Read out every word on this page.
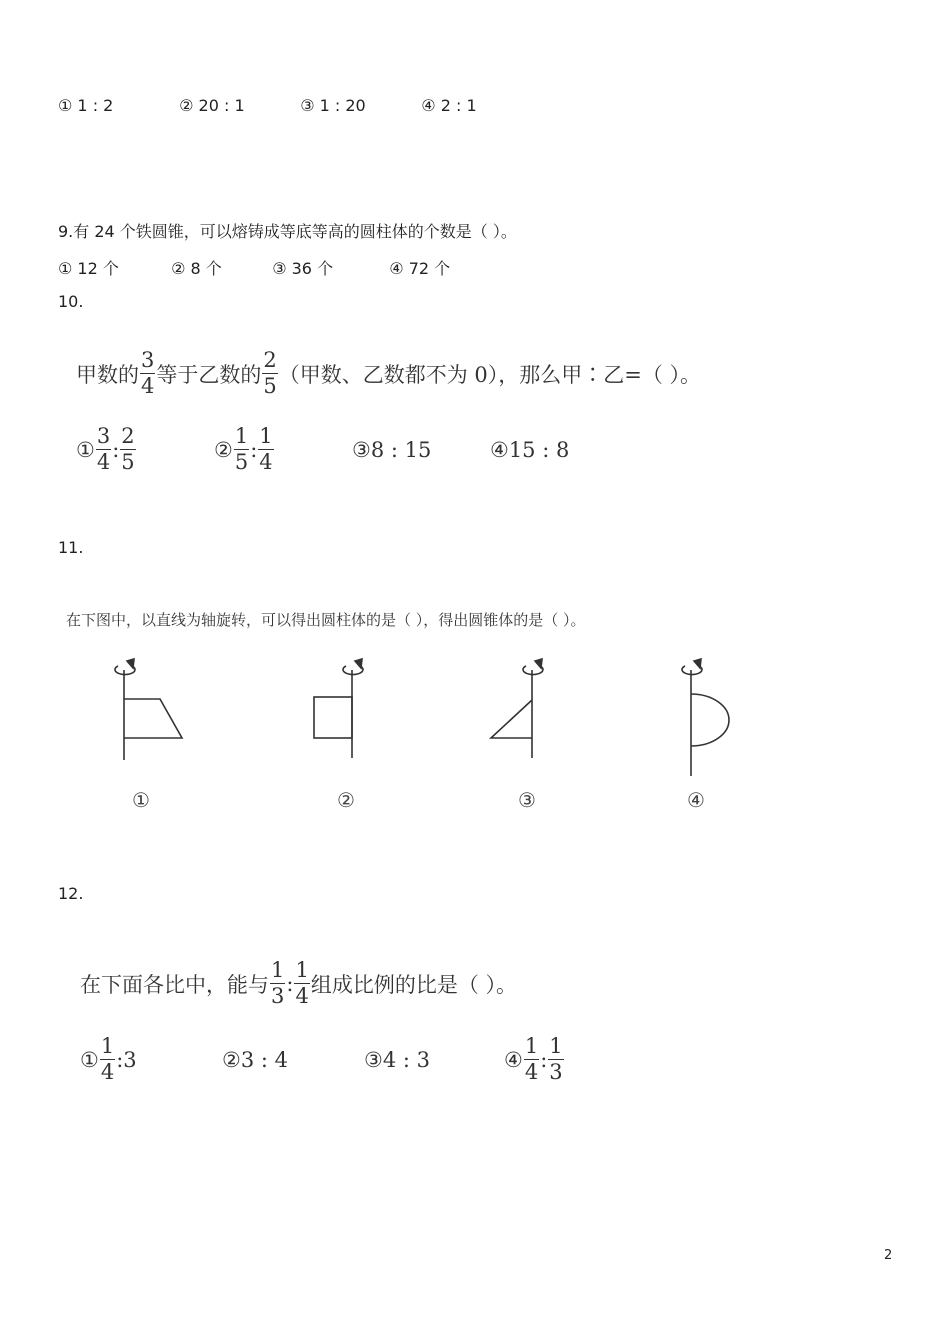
① 1 : 2	② 20 : 1	③ 1 : 20	④ 2 : 1
9.有 24 个铁圆锥，可以熔铸成等底等高的圆柱体的个数是（ ）。
① 12 个	② 8 个	③ 36 个	④ 72 个
10.
甲数的 $\frac{3}{4}$ 等于乙数的 $\frac{2}{5}$ （甲数、乙数都不为 0），那么甲∶乙=（ ）。
① $\frac{3}{4}$ : $\frac{2}{5}$	② $\frac{1}{5}$ : $\frac{1}{4}$	③8 : 15	④15 : 8
11.
在下图中，以直线为轴旋转，可以得出圆柱体的是（ ），得出圆锥体的是（ ）。
①	②	③	④
12.
在下面各比中，能与 $\frac{1}{3}$ : $\frac{1}{4}$ 组成比例的比是（ ）。
① $\frac{1}{4}$ :3	②3 : 4	③4 : 3	④ $\frac{1}{4}$ : $\frac{1}{3}$
2
